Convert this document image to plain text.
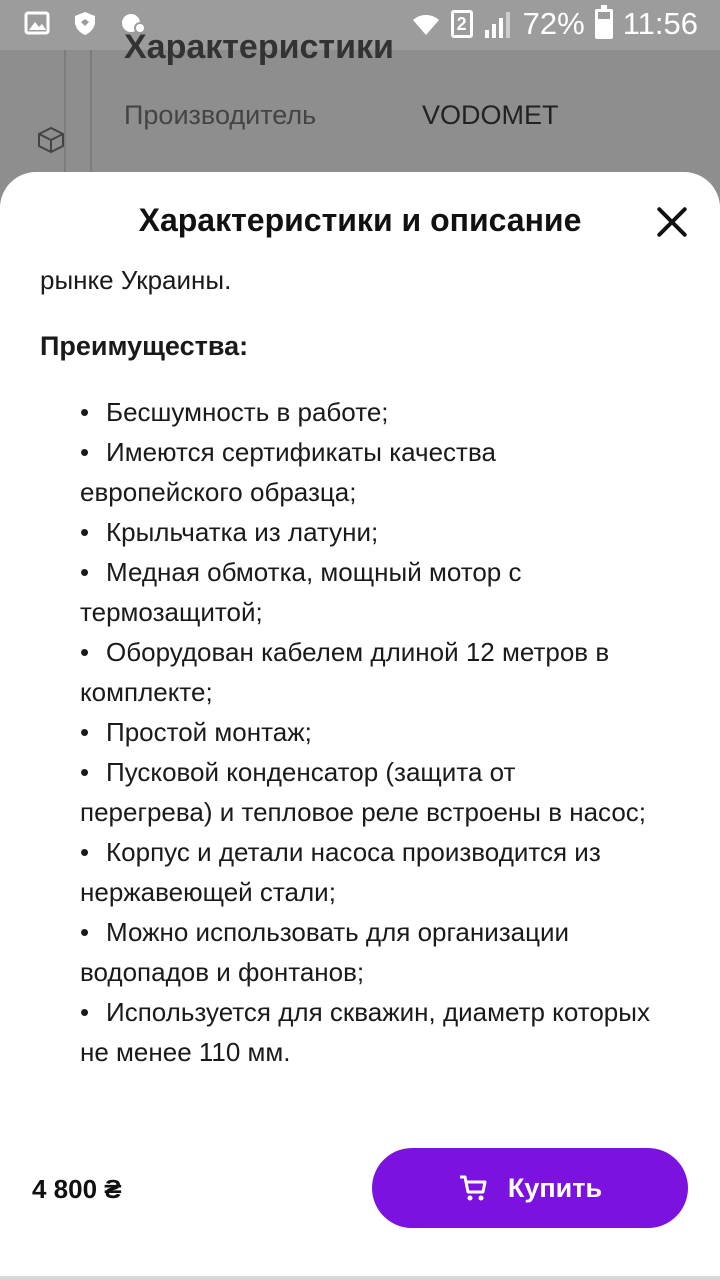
2 72% 11:56
Характеристики
Производитель	VODOMET
Характеристики и описание
рынке Украины.
Преимущества:
• Бесшумность в работе;
• Имеются сертификаты качества европейского образца;
• Крыльчатка из латуни;
• Медная обмотка, мощный мотор с термозащитой;
• Оборудован кабелем длиной 12 метров в комплекте;
• Простой монтаж;
• Пусковой конденсатор (защита от перегрева) и тепловое реле встроены в насос;
• Корпус и детали насоса производится из нержавеющей стали;
• Можно использовать для организации водопадов и фонтанов;
• Используется для скважин, диаметр которых не менее 110 мм.
4 800 ₴	Купить
